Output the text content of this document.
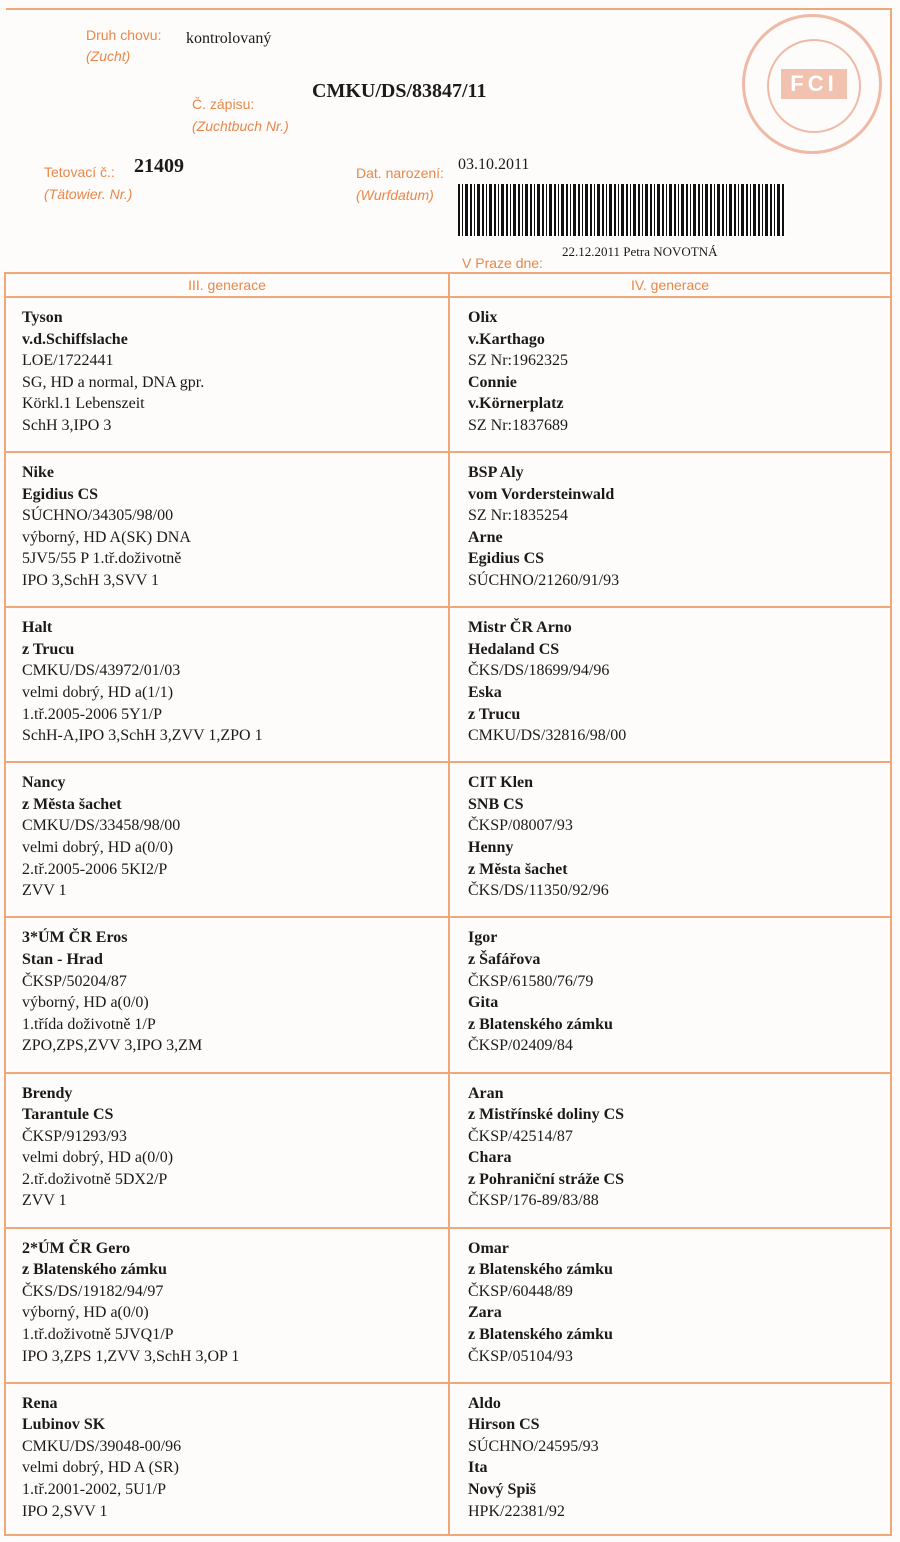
Druh chovu:
(Zucht)
kontrolovaný
CMKU/DS/83847/11
Č. zápisu:
(Zuchtbuch Nr.)
Tetovací č.:
(Tätowier. Nr.)
21409	Dat. narození:
(Wurfdatum)
03.10.2011
V Praze dne:
22.12.2011 Petra NOVOTNÁ
FCI
III. generace	IV. generace
Tyson
v.d.Schiffslache
LOE/1722441
SG, HD a normal, DNA gpr.
Körkl.1 Lebenszeit
SchH 3,IPO 3
Olix
v.Karthago
SZ Nr:1962325
Connie
v.Körnerplatz
SZ Nr:1837689
Nike
Egidius CS
SÚCHNO/34305/98/00
výborný, HD A(SK) DNA
5JV5/55 P 1.tř.doživotně
IPO 3,SchH 3,SVV 1
BSP Aly
vom Vordersteinwald
SZ Nr:1835254
Arne
Egidius CS
SÚCHNO/21260/91/93
Halt
z Trucu
CMKU/DS/43972/01/03
velmi dobrý, HD a(1/1)
1.tř.2005-2006 5Y1/P
SchH-A,IPO 3,SchH 3,ZVV 1,ZPO 1
Mistr ČR Arno
Hedaland CS
ČKS/DS/18699/94/96
Eska
z Trucu
CMKU/DS/32816/98/00
Nancy
z Města šachet
CMKU/DS/33458/98/00
velmi dobrý, HD a(0/0)
2.tř.2005-2006 5KI2/P
ZVV 1
CIT Klen
SNB CS
ČKSP/08007/93
Henny
z Města šachet
ČKS/DS/11350/92/96
3*ÚM ČR Eros
Stan - Hrad
ČKSP/50204/87
výborný, HD a(0/0)
1.třída doživotně 1/P
ZPO,ZPS,ZVV 3,IPO 3,ZM
Igor
z Šafářova
ČKSP/61580/76/79
Gita
z Blatenského zámku
ČKSP/02409/84
Brendy
Tarantule CS
ČKSP/91293/93
velmi dobrý, HD a(0/0)
2.tř.doživotně 5DX2/P
ZVV 1
Aran
z Mistřínské doliny CS
ČKSP/42514/87
Chara
z Pohraniční stráže CS
ČKSP/176-89/83/88
2*ÚM ČR Gero
z Blatenského zámku
ČKS/DS/19182/94/97
výborný, HD a(0/0)
1.tř.doživotně 5JVQ1/P
IPO 3,ZPS 1,ZVV 3,SchH 3,OP 1
Omar
z Blatenského zámku
ČKSP/60448/89
Zara
z Blatenského zámku
ČKSP/05104/93
Rena
Lubinov SK
CMKU/DS/39048-00/96
velmi dobrý, HD A (SR)
1.tř.2001-2002, 5U1/P
IPO 2,SVV 1
Aldo
Hirson CS
SÚCHNO/24595/93
Ita
Nový Spiš
HPK/22381/92
